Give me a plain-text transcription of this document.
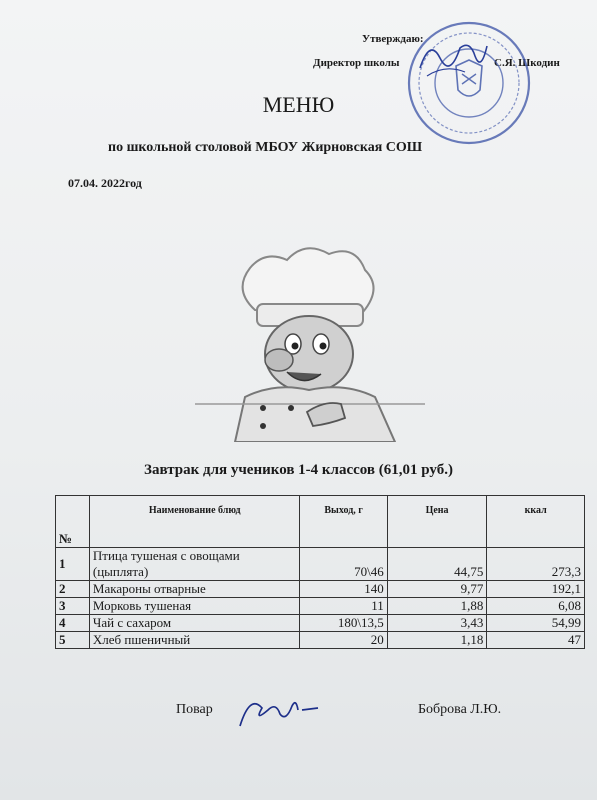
Утверждаю:
Директор школы	С.Я. Шкодин
МЕНЮ
по школьной столовой МБОУ Жирновская СОШ
07.04. 2022год
Завтрак для учеников 1-4 классов (61,01 руб.)
№	Наименование блюд	Выход, г	Цена	ккал
1	Птица тушеная с овощами (цыплята)	70\46	44,75	273,3
2	Макароны отварные	140	9,77	192,1
3	Морковь тушеная	11	1,88	6,08
4	Чай с сахаром	180\13,5	3,43	54,99
5	Хлеб пшеничный	20	1,18	47
Повар	Боброва Л.Ю.
